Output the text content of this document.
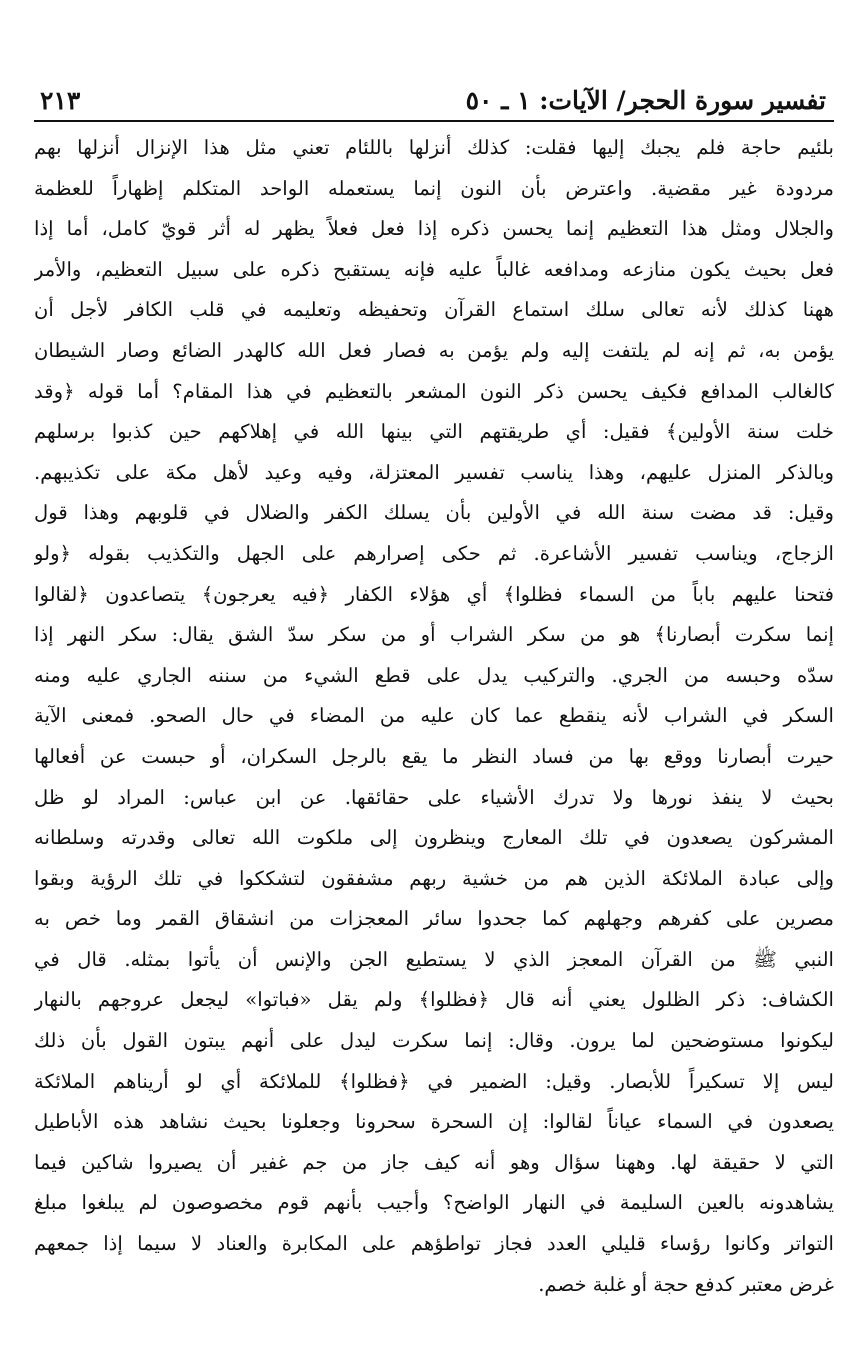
تفسير سورة الحجر/ الآيات: ١ ـ ٥٠
٢١٣
بلئيم حاجة فلم يجبك إليها فقلت: كذلك أنزلها باللئام تعني مثل هذا الإنزال أنزلها بهم
مردودة غير مقضية. واعترض بأن النون إنما يستعمله الواحد المتكلم إظهاراً للعظمة
والجلال ومثل هذا التعظيم إنما يحسن ذكره إذا فعل فعلاً يظهر له أثر قويّ كامل، أما إذا
فعل بحيث يكون منازعه ومدافعه غالباً عليه فإنه يستقبح ذكره على سبيل التعظيم، والأمر
ههنا كذلك لأنه تعالى سلك استماع القرآن وتحفيظه وتعليمه في قلب الكافر لأجل أن
يؤمن به، ثم إنه لم يلتفت إليه ولم يؤمن به فصار فعل الله كالهدر الضائع وصار الشيطان
كالغالب المدافع فكيف يحسن ذكر النون المشعر بالتعظيم في هذا المقام؟ أما قوله ﴿وقد
خلت سنة الأولين﴾ فقيل: أي طريقتهم التي بينها الله في إهلاكهم حين كذبوا برسلهم
وبالذكر المنزل عليهم، وهذا يناسب تفسير المعتزلة، وفيه وعيد لأهل مكة على تكذيبهم.
وقيل: قد مضت سنة الله في الأولين بأن يسلك الكفر والضلال في قلوبهم وهذا قول
الزجاج، ويناسب تفسير الأشاعرة. ثم حكى إصرارهم على الجهل والتكذيب بقوله ﴿ولو
فتحنا عليهم باباً من السماء فظلوا﴾ أي هؤلاء الكفار ﴿فيه يعرجون﴾ يتصاعدون ﴿لقالوا
إنما سكرت أبصارنا﴾ هو من سكر الشراب أو من سكر سدّ الشق يقال: سكر النهر إذا
سدّه وحبسه من الجري. والتركيب يدل على قطع الشيء من سننه الجاري عليه ومنه
السكر في الشراب لأنه ينقطع عما كان عليه من المضاء في حال الصحو. فمعنى الآية
حيرت أبصارنا ووقع بها من فساد النظر ما يقع بالرجل السكران، أو حبست عن أفعالها
بحيث لا ينفذ نورها ولا تدرك الأشياء على حقائقها. عن ابن عباس: المراد لو ظل
المشركون يصعدون في تلك المعارج وينظرون إلى ملكوت الله تعالى وقدرته وسلطانه
وإلى عبادة الملائكة الذين هم من خشية ربهم مشفقون لتشككوا في تلك الرؤية وبقوا
مصرين على كفرهم وجهلهم كما جحدوا سائر المعجزات من انشقاق القمر وما خص به
النبي ﷺ من القرآن المعجز الذي لا يستطيع الجن والإنس أن يأتوا بمثله. قال في
الكشاف: ذكر الظلول يعني أنه قال ﴿فظلوا﴾ ولم يقل «فباتوا» ليجعل عروجهم بالنهار
ليكونوا مستوضحين لما يرون. وقال: إنما سكرت ليدل على أنهم يبتون القول بأن ذلك
ليس إلا تسكيراً للأبصار. وقيل: الضمير في ﴿فظلوا﴾ للملائكة أي لو أريناهم الملائكة
يصعدون في السماء عياناً لقالوا: إن السحرة سحرونا وجعلونا بحيث نشاهد هذه الأباطيل
التي لا حقيقة لها. وههنا سؤال وهو أنه كيف جاز من جم غفير أن يصيروا شاكين فيما
يشاهدونه بالعين السليمة في النهار الواضح؟ وأجيب بأنهم قوم مخصوصون لم يبلغوا مبلغ
التواتر وكانوا رؤساء قليلي العدد فجاز تواطؤهم على المكابرة والعناد لا سيما إذا جمعهم
غرض معتبر كدفع حجة أو غلبة خصم.
